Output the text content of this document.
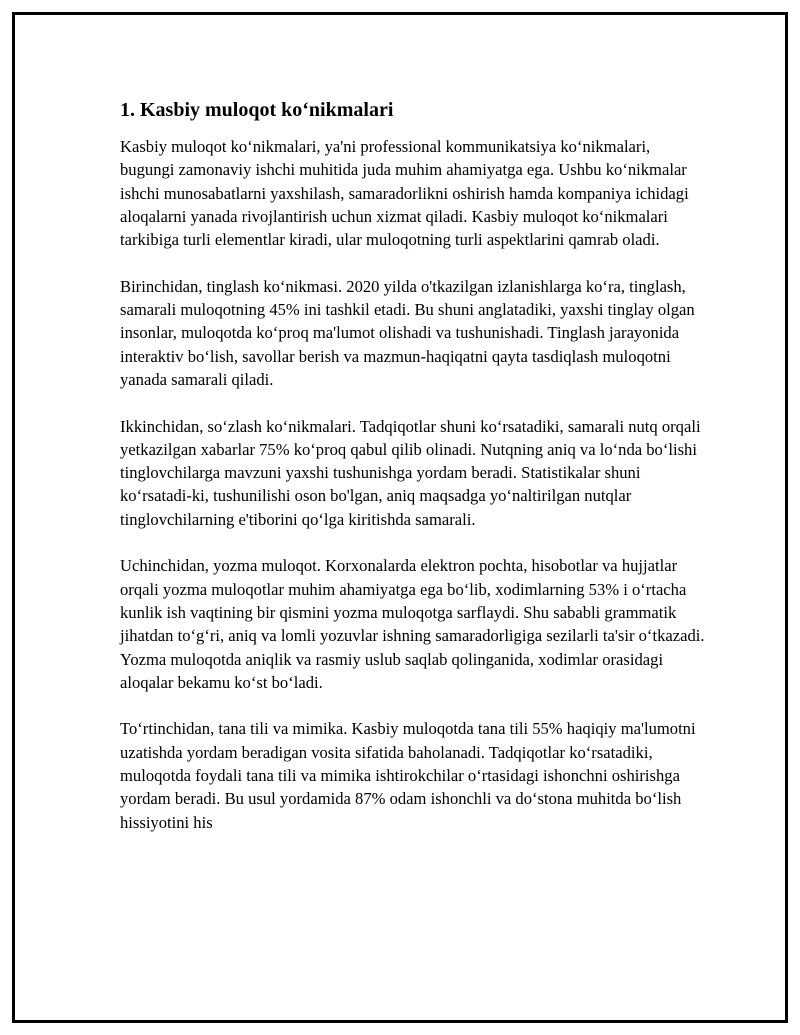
1. Kasbiy muloqot koʻnikmalari

Kasbiy muloqot koʻnikmalari, ya'ni professional kommunikatsiya koʻnikmalari, bugungi zamonaviy ishchi muhitida juda muhim ahamiyatga ega. Ushbu koʻnikmalar ishchi munosabatlarni yaxshilash, samaradorlikni oshirish hamda kompaniya ichidagi aloqalarni yanada rivojlantirish uchun xizmat qiladi. Kasbiy muloqot koʻnikmalari tarkibiga turli elementlar kiradi, ular muloqotning turli aspektlarini qamrab oladi.

Birinchidan, tinglash koʻnikmasi. 2020 yilda o'tkazilgan izlanishlarga koʻra, tinglash, samarali muloqotning 45% ini tashkil etadi. Bu shuni anglatadiki, yaxshi tinglay olgan insonlar, muloqotda koʻproq ma'lumot olishadi va tushunishadi. Tinglash jarayonida interaktiv boʻlish, savollar berish va mazmun-haqiqatni qayta tasdiqlash muloqotni yanada samarali qiladi.

Ikkinchidan, soʻzlash koʻnikmalari. Tadqiqotlar shuni koʻrsatadiki, samarali nutq orqali yetkazilgan xabarlar 75% koʻproq qabul qilib olinadi. Nutqning aniq va loʻnda boʻlishi tinglovchilarga mavzuni yaxshi tushunishga yordam beradi. Statistikalar shuni koʻrsatadi-ki, tushunilishi oson bo'lgan, aniq maqsadga yoʻnaltirilgan nutqlar tinglovchilarning e'tiborini qoʻlga kiritishda samarali.

Uchinchidan, yozma muloqot. Korxonalarda elektron pochta, hisobotlar va hujjatlar orqali yozma muloqotlar muhim ahamiyatga ega boʻlib, xodimlarning 53% i oʻrtacha kunlik ish vaqtining bir qismini yozma muloqotga sarflaydi. Shu sababli grammatik jihatdan toʻgʻri, aniq va lomli yozuvlar ishning samaradorligiga sezilarli ta'sir oʻtkazadi. Yozma muloqotda aniqlik va rasmiy uslub saqlab qolinganida, xodimlar orasidagi aloqalar bekamu koʻst boʻladi.

Toʻrtinchidan, tana tili va mimika. Kasbiy muloqotda tana tili 55% haqiqiy ma'lumotni uzatishda yordam beradigan vosita sifatida baholanadi. Tadqiqotlar koʻrsatadiki, muloqotda foydali tana tili va mimika ishtirokchilar oʻrtasidagi ishonchni oshirishga yordam beradi. Bu usul yordamida 87% odam ishonchli va doʻstona muhitda boʻlish hissiyotini his
